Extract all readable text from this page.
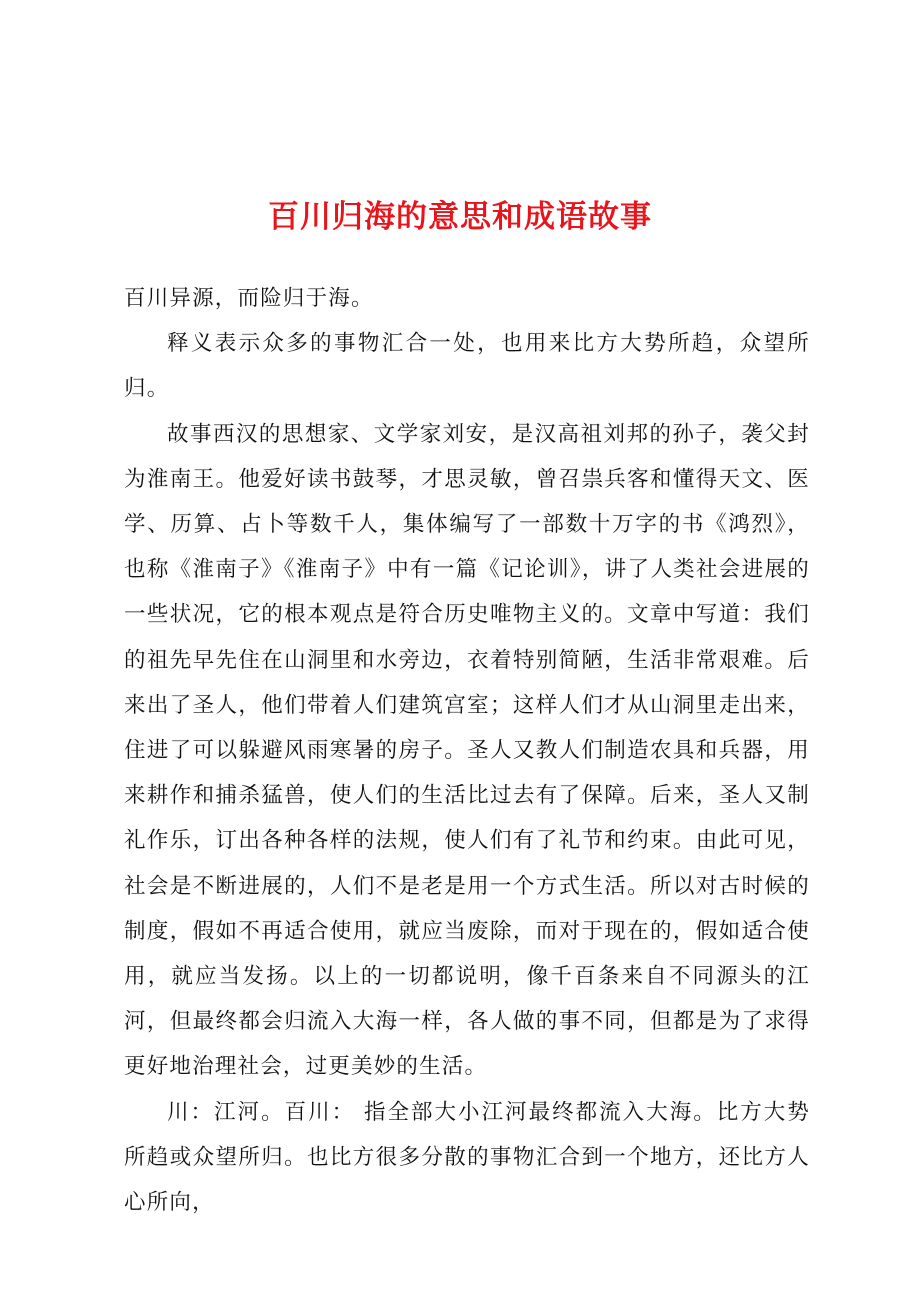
百川归海的意思和成语故事

百川异源，而险归于海。

释义表示众多的事物汇合一处，也用来比方大势所趋，众望所归。

故事西汉的思想家、文学家刘安，是汉高祖刘邦的孙子，袭父封为淮南王。他爱好读书鼓琴，才思灵敏，曾召祟兵客和懂得天文、医学、历算、占卜等数千人，集体编写了一部数十万字的书《鸿烈》，也称《淮南子》《淮南子》中有一篇《记论训》，讲了人类社会进展的一些状况，它的根本观点是符合历史唯物主义的。文章中写道：我们的祖先早先住在山洞里和水旁边，衣着特别简陋，生活非常艰难。后来出了圣人，他们带着人们建筑宫室；这样人们才从山洞里走出来，住进了可以躲避风雨寒暑的房子。圣人又教人们制造农具和兵器，用来耕作和捕杀猛兽，使人们的生活比过去有了保障。后来，圣人又制礼作乐，订出各种各样的法规，使人们有了礼节和约束。由此可见，社会是不断进展的，人们不是老是用一个方式生活。所以对古时候的制度，假如不再适合使用，就应当废除，而对于现在的，假如适合使用，就应当发扬。以上的一切都说明，像千百条来自不同源头的江河，但最终都会归流入大海一样，各人做的事不同，但都是为了求得更好地治理社会，过更美妙的生活。

川：江河。百川： 指全部大小江河最终都流入大海。比方大势所趋或众望所归。也比方很多分散的事物汇合到一个地方，还比方人心所向，
